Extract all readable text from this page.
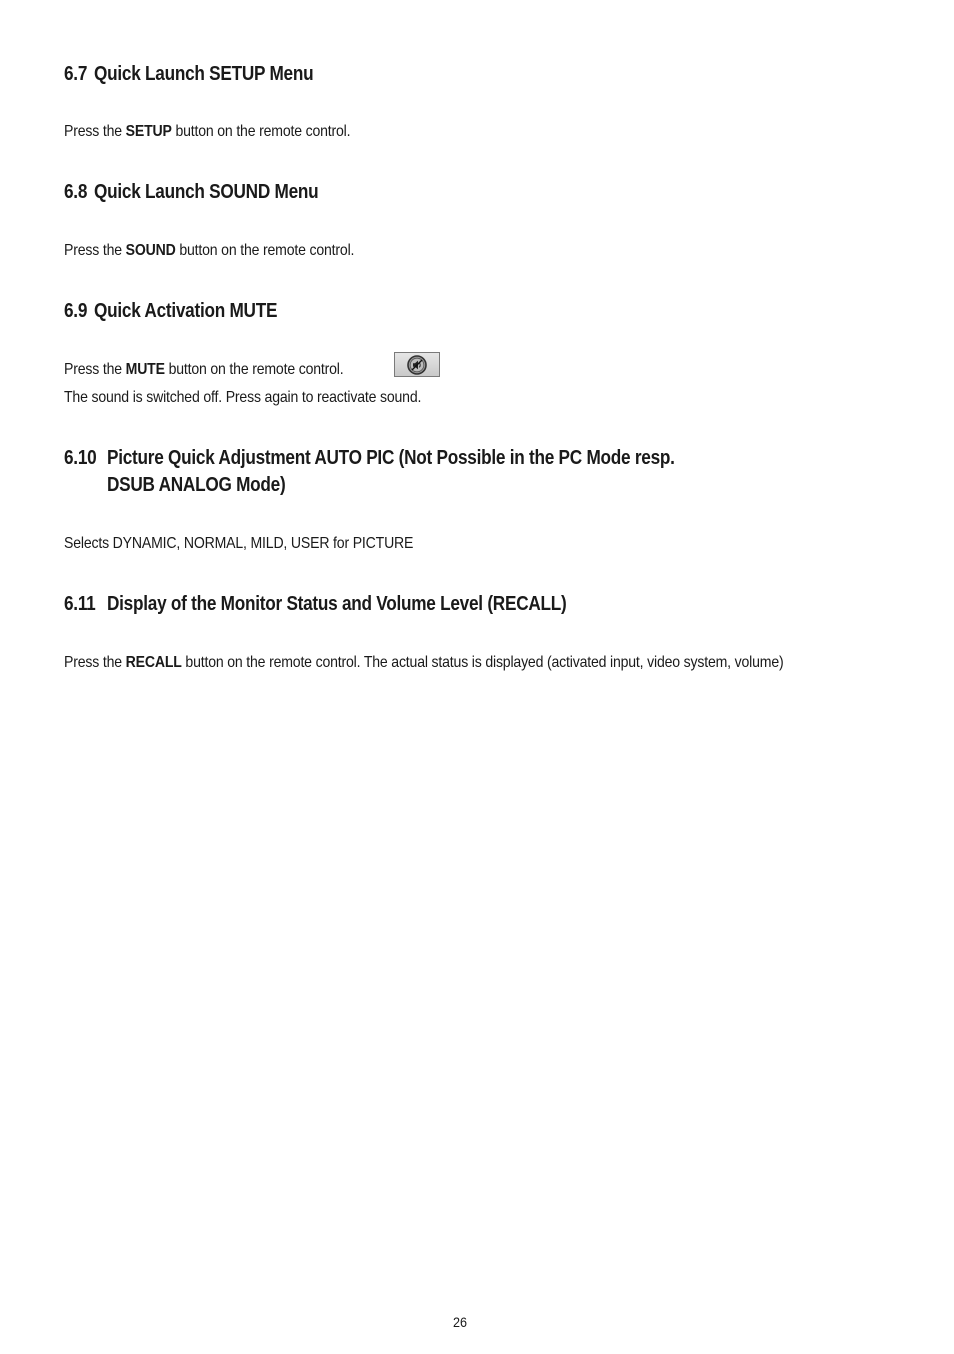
6.7 Quick Launch SETUP Menu
Press the SETUP button on the remote control.
6.8 Quick Launch SOUND Menu
Press the SOUND button on the remote control.
6.9 Quick Activation MUTE
Press the MUTE button on the remote control.
The sound is switched off. Press again to reactivate sound.
6.10 Picture Quick Adjustment AUTO PIC (Not Possible in the PC Mode resp.
DSUB ANALOG Mode)
Selects DYNAMIC, NORMAL, MILD, USER for PICTURE
6.11 Display of the Monitor Status and Volume Level (RECALL)
Press the RECALL button on the remote control. The actual status is displayed (activated input, video system, volume)
26
